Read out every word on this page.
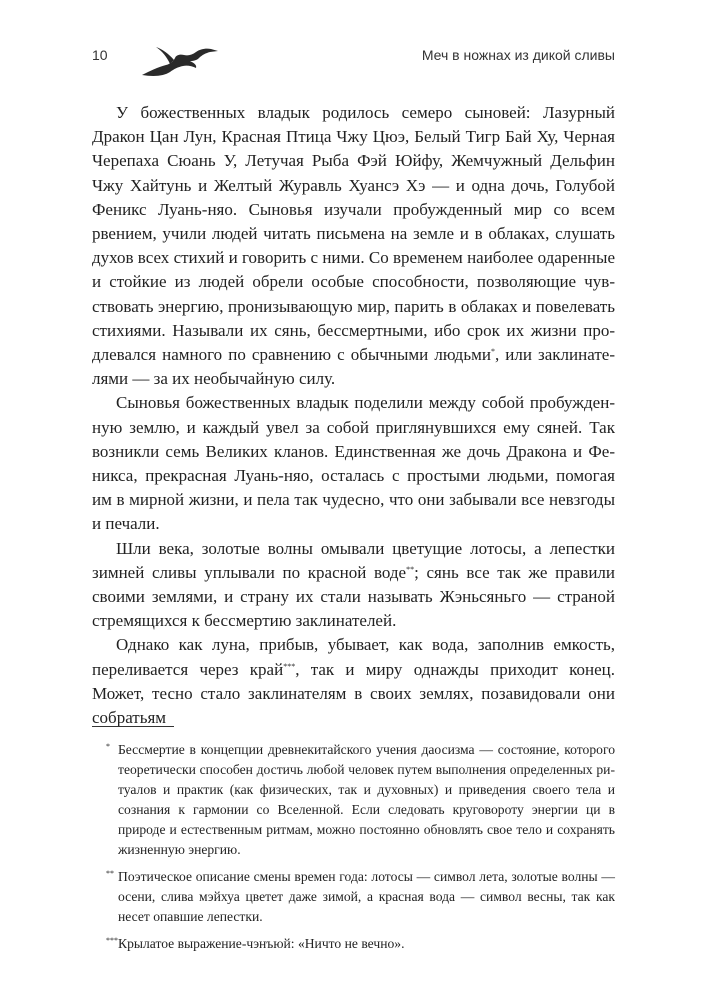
10	Меч в ножнах из дикой сливы

У божественных владык родилось семеро сыновей: Лазурный Дракон Цан Лун, Красная Птица Чжу Цюэ, Белый Тигр Бай Ху, Черная Черепаха Сюань У, Летучая Рыба Фэй Юйфу, Жемчужный Дельфин Чжу Хайтунь и Желтый Журавль Хуансэ Хэ — и одна дочь, Голубой Феникс Луань-няо. Сыновья изучали пробужденный мир со всем рвением, учили людей читать письмена на земле и в облаках, слушать духов всех стихий и говорить с ними. Со временем наиболее одаренные и стойкие из людей обрели особые способности, позволяющие чувствовать энергию, пронизывающую мир, парить в облаках и повелевать стихиями. Называли их сянь, бессмертными, ибо срок их жизни продлевался намного по сравнению с обычными людьми*, или заклинателями — за их необычайную силу.

Сыновья божественных владык поделили между собой пробужденную землю, и каждый увел за собой приглянувшихся ему сяней. Так возникли семь Великих кланов. Единственная же дочь Дракона и Феникса, прекрасная Луань-няо, осталась с простыми людьми, помогая им в мирной жизни, и пела так чудесно, что они забывали все невзгоды и печали.

Шли века, золотые волны омывали цветущие лотосы, а лепестки зимней сливы уплывали по красной воде**; сянь все так же правили своими землями, и страну их стали называть Жэньсяньго — страной стремящихся к бессмертию заклинателей.

Однако как луна, прибыв, убывает, как вода, заполнив емкость, переливается через край***, так и миру однажды приходит конец. Может, тесно стало заклинателям в своих землях, позавидовали они собратьям

* Бессмертие в концепции древнекитайского учения даосизма — состояние, которого теоретически способен достичь любой человек путем выполнения определенных ритуалов и практик (как физических, так и духовных) и приведения своего тела и сознания к гармонии со Вселенной. Если следовать круговороту энергии ци в природе и естественным ритмам, можно постоянно обновлять свое тело и сохранять жизненную энергию.
** Поэтическое описание смены времен года: лотосы — символ лета, золотые волны — осени, слива мэйхуа цветет даже зимой, а красная вода — символ весны, так как несет опавшие лепестки.
*** Крылатое выражение-чэнъюй: «Ничто не вечно».
